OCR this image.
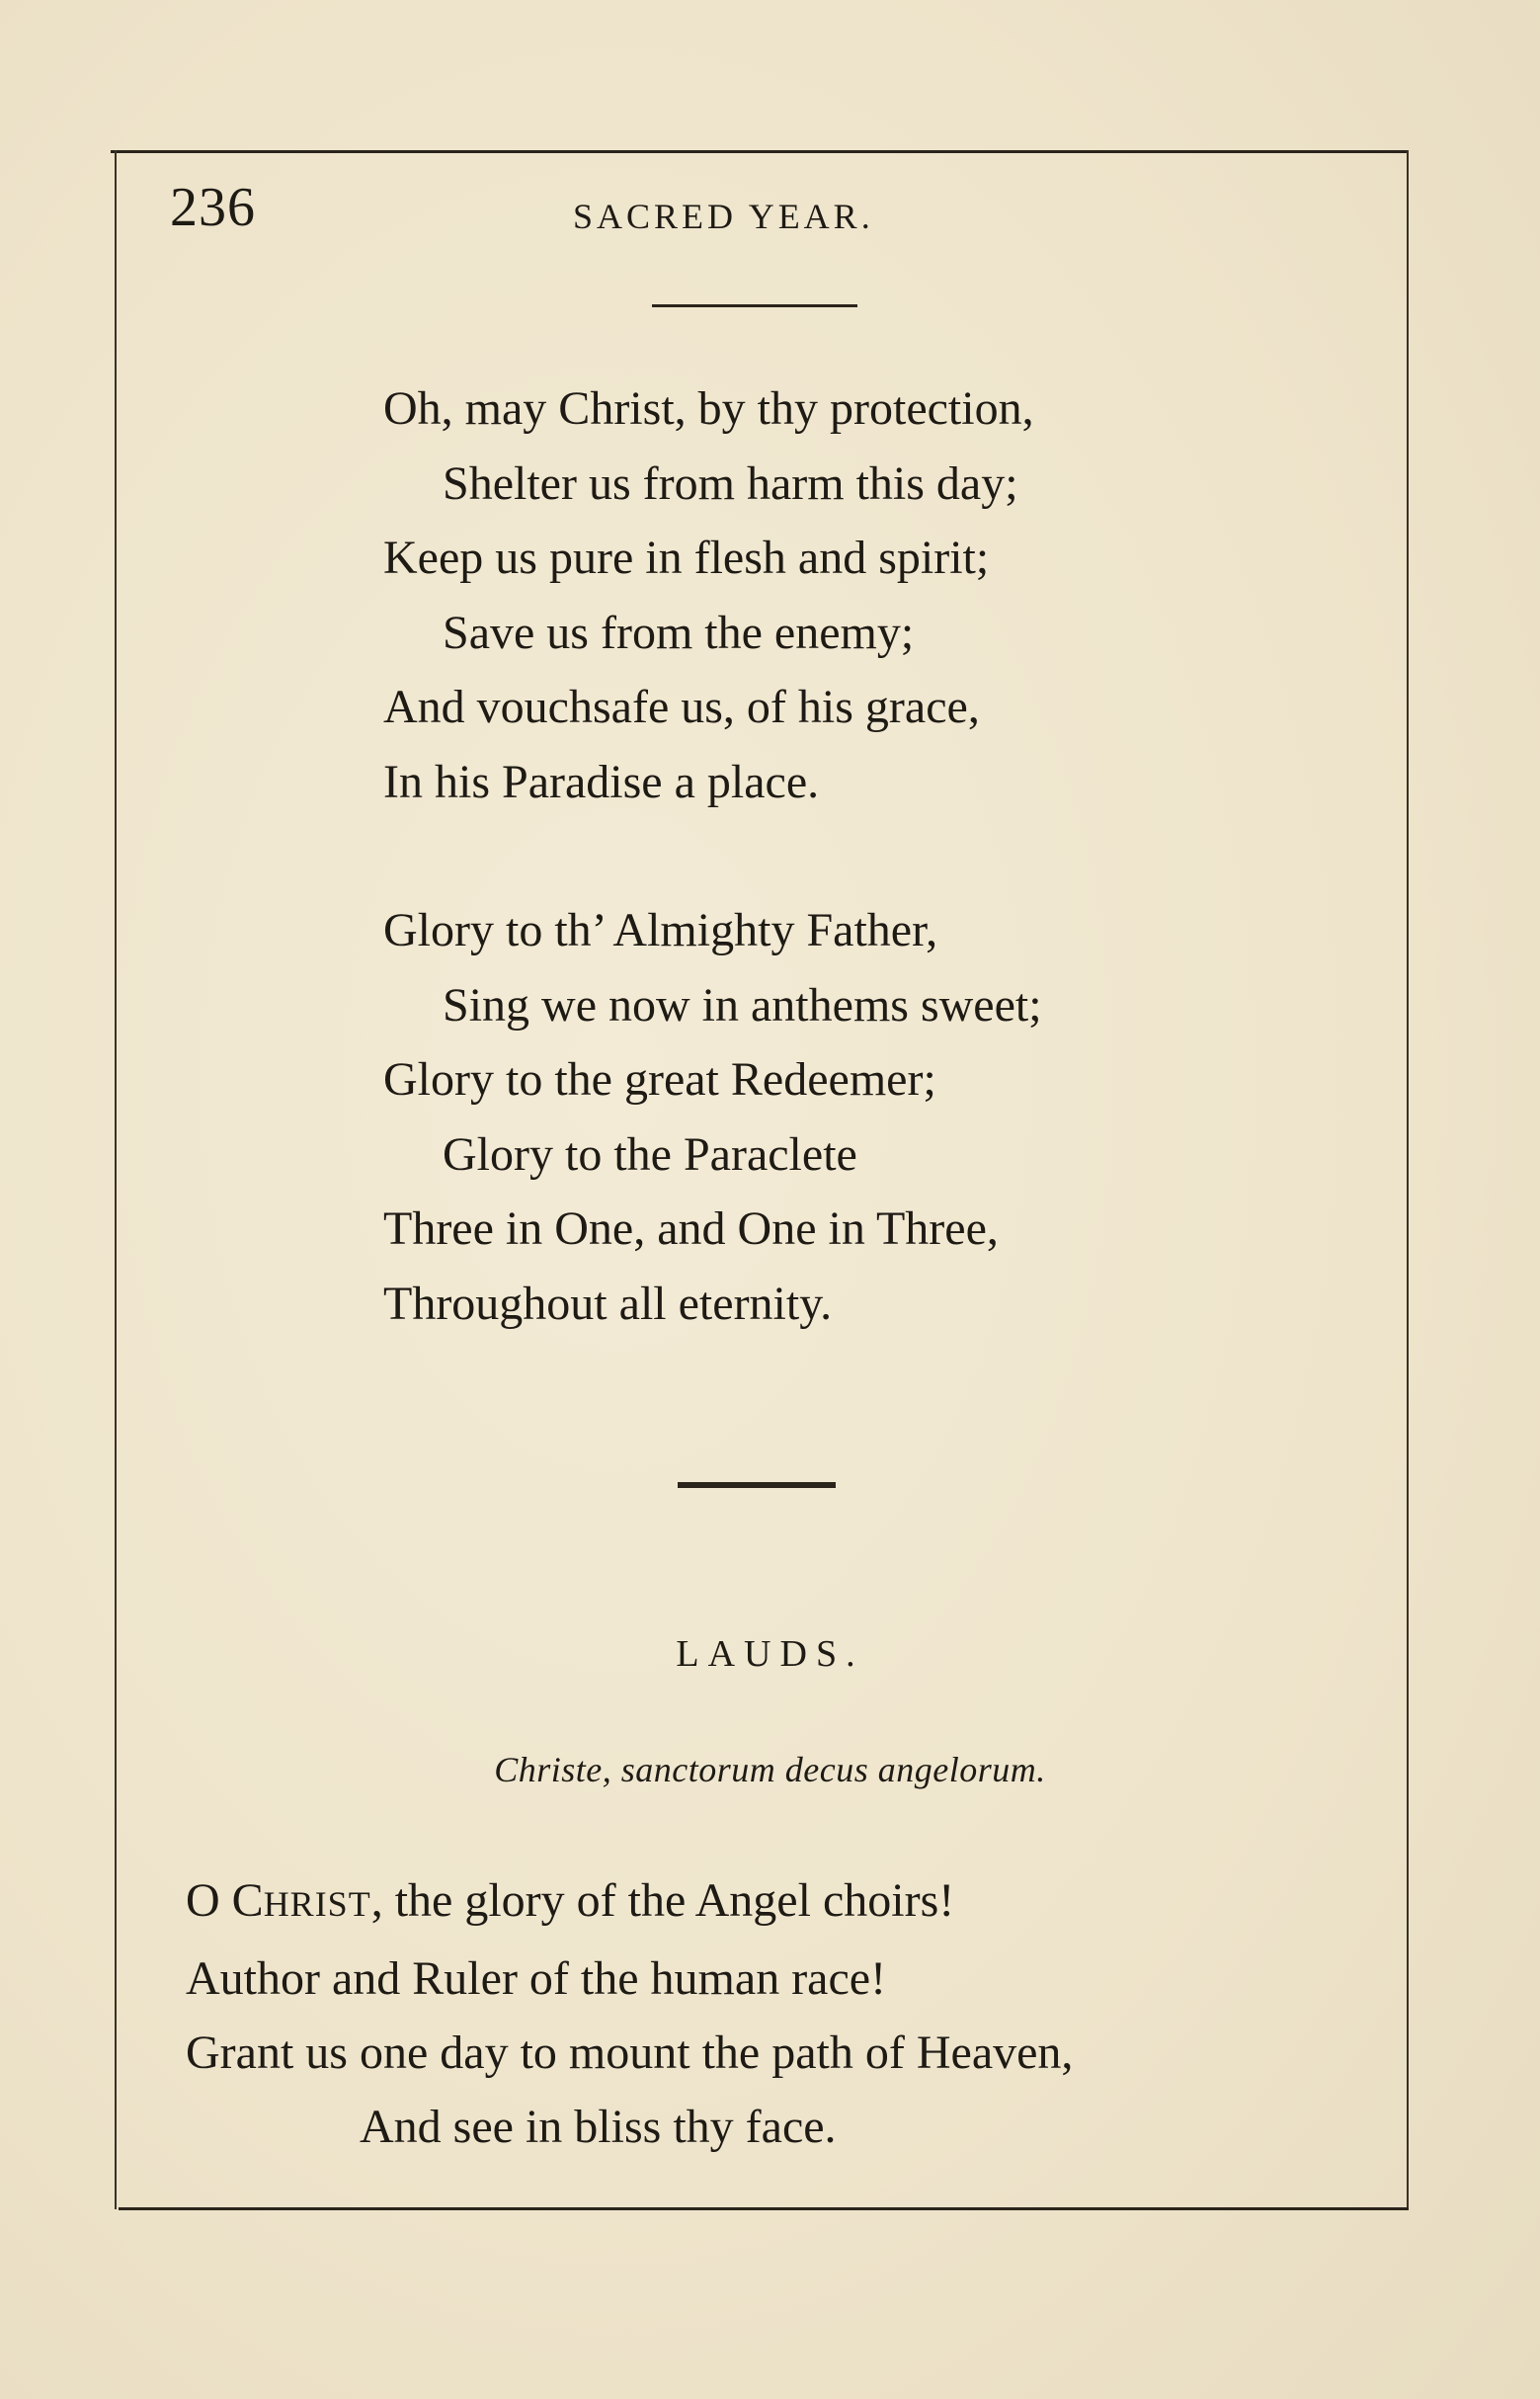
236	SACRED YEAR.
Oh, may Christ, by thy protection,
Shelter us from harm this day;
Keep us pure in flesh and spirit;
Save us from the enemy;
And vouchsafe us, of his grace,
In his Paradise a place.
Glory to th’ Almighty Father,
Sing we now in anthems sweet;
Glory to the great Redeemer;
Glory to the Paraclete
Three in One, and One in Three,
Throughout all eternity.
LAUDS.
Christe, sanctorum decus angelorum.
O CHRIST, the glory of the Angel choirs!
Author and Ruler of the human race!
Grant us one day to mount the path of Heaven,
And see in bliss thy face.
